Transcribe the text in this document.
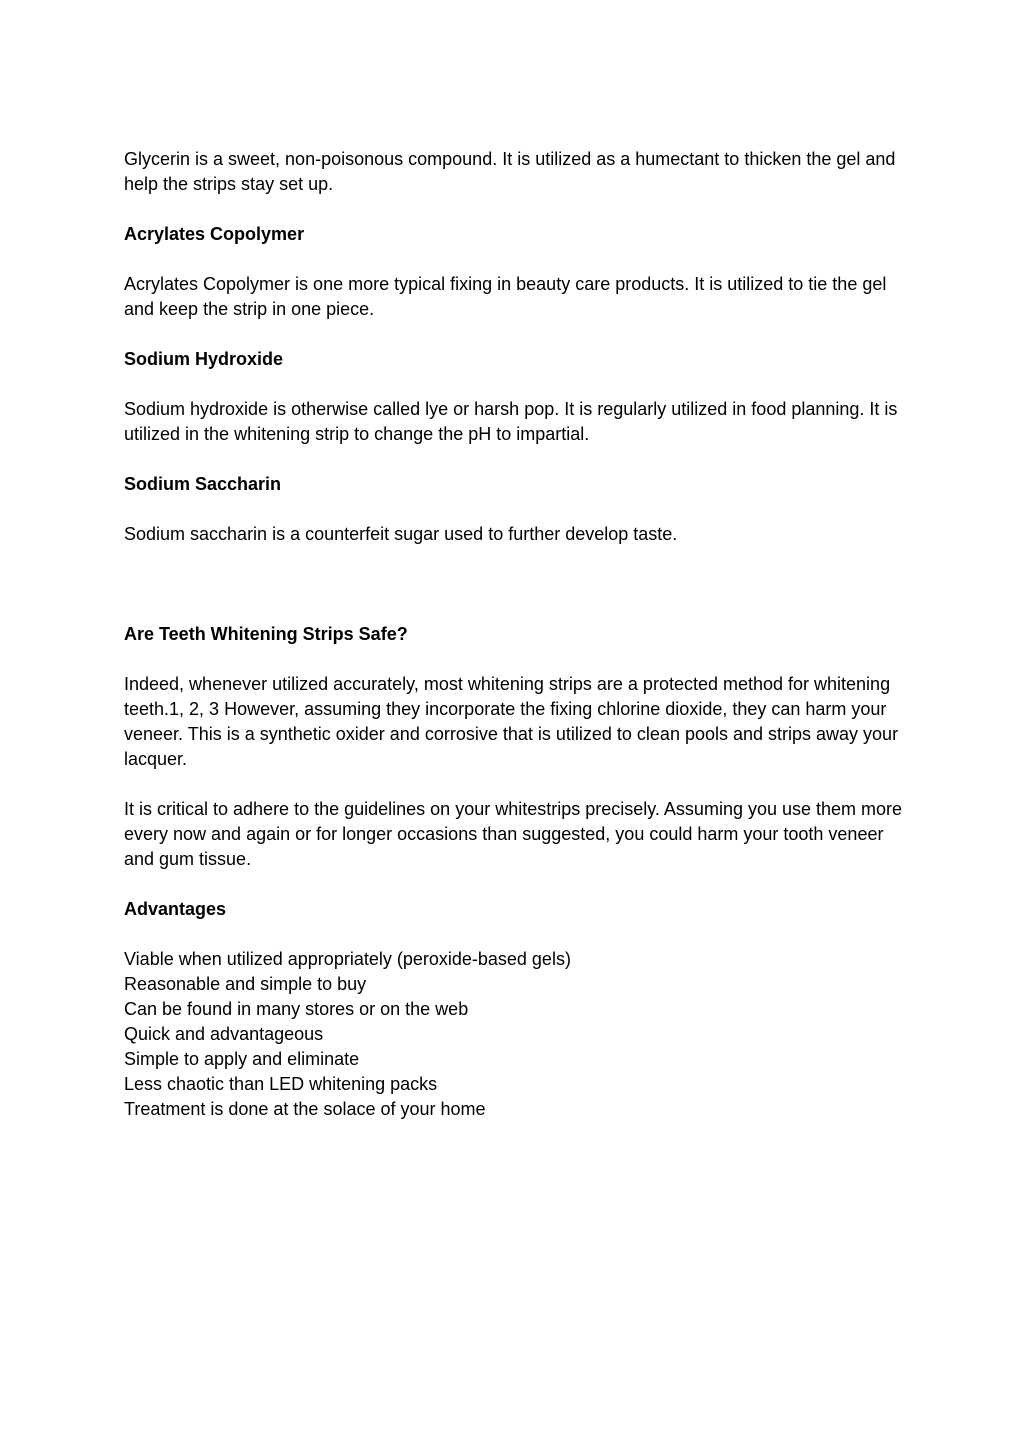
Glycerin is a sweet, non-poisonous compound. It is utilized as a humectant to thicken the gel and help the strips stay set up.

Acrylates Copolymer

Acrylates Copolymer is one more typical fixing in beauty care products. It is utilized to tie the gel and keep the strip in one piece.

Sodium Hydroxide

Sodium hydroxide is otherwise called lye or harsh pop. It is regularly utilized in food planning. It is utilized in the whitening strip to change the pH to impartial.

Sodium Saccharin

Sodium saccharin is a counterfeit sugar used to further develop taste.

Are Teeth Whitening Strips Safe?

Indeed, whenever utilized accurately, most whitening strips are a protected method for whitening teeth.1, 2, 3 However, assuming they incorporate the fixing chlorine dioxide, they can harm your veneer. This is a synthetic oxider and corrosive that is utilized to clean pools and strips away your lacquer.

It is critical to adhere to the guidelines on your whitestrips precisely. Assuming you use them more every now and again or for longer occasions than suggested, you could harm your tooth veneer and gum tissue.

Advantages

Viable when utilized appropriately (peroxide-based gels)
Reasonable and simple to buy
Can be found in many stores or on the web
Quick and advantageous
Simple to apply and eliminate
Less chaotic than LED whitening packs
Treatment is done at the solace of your home
